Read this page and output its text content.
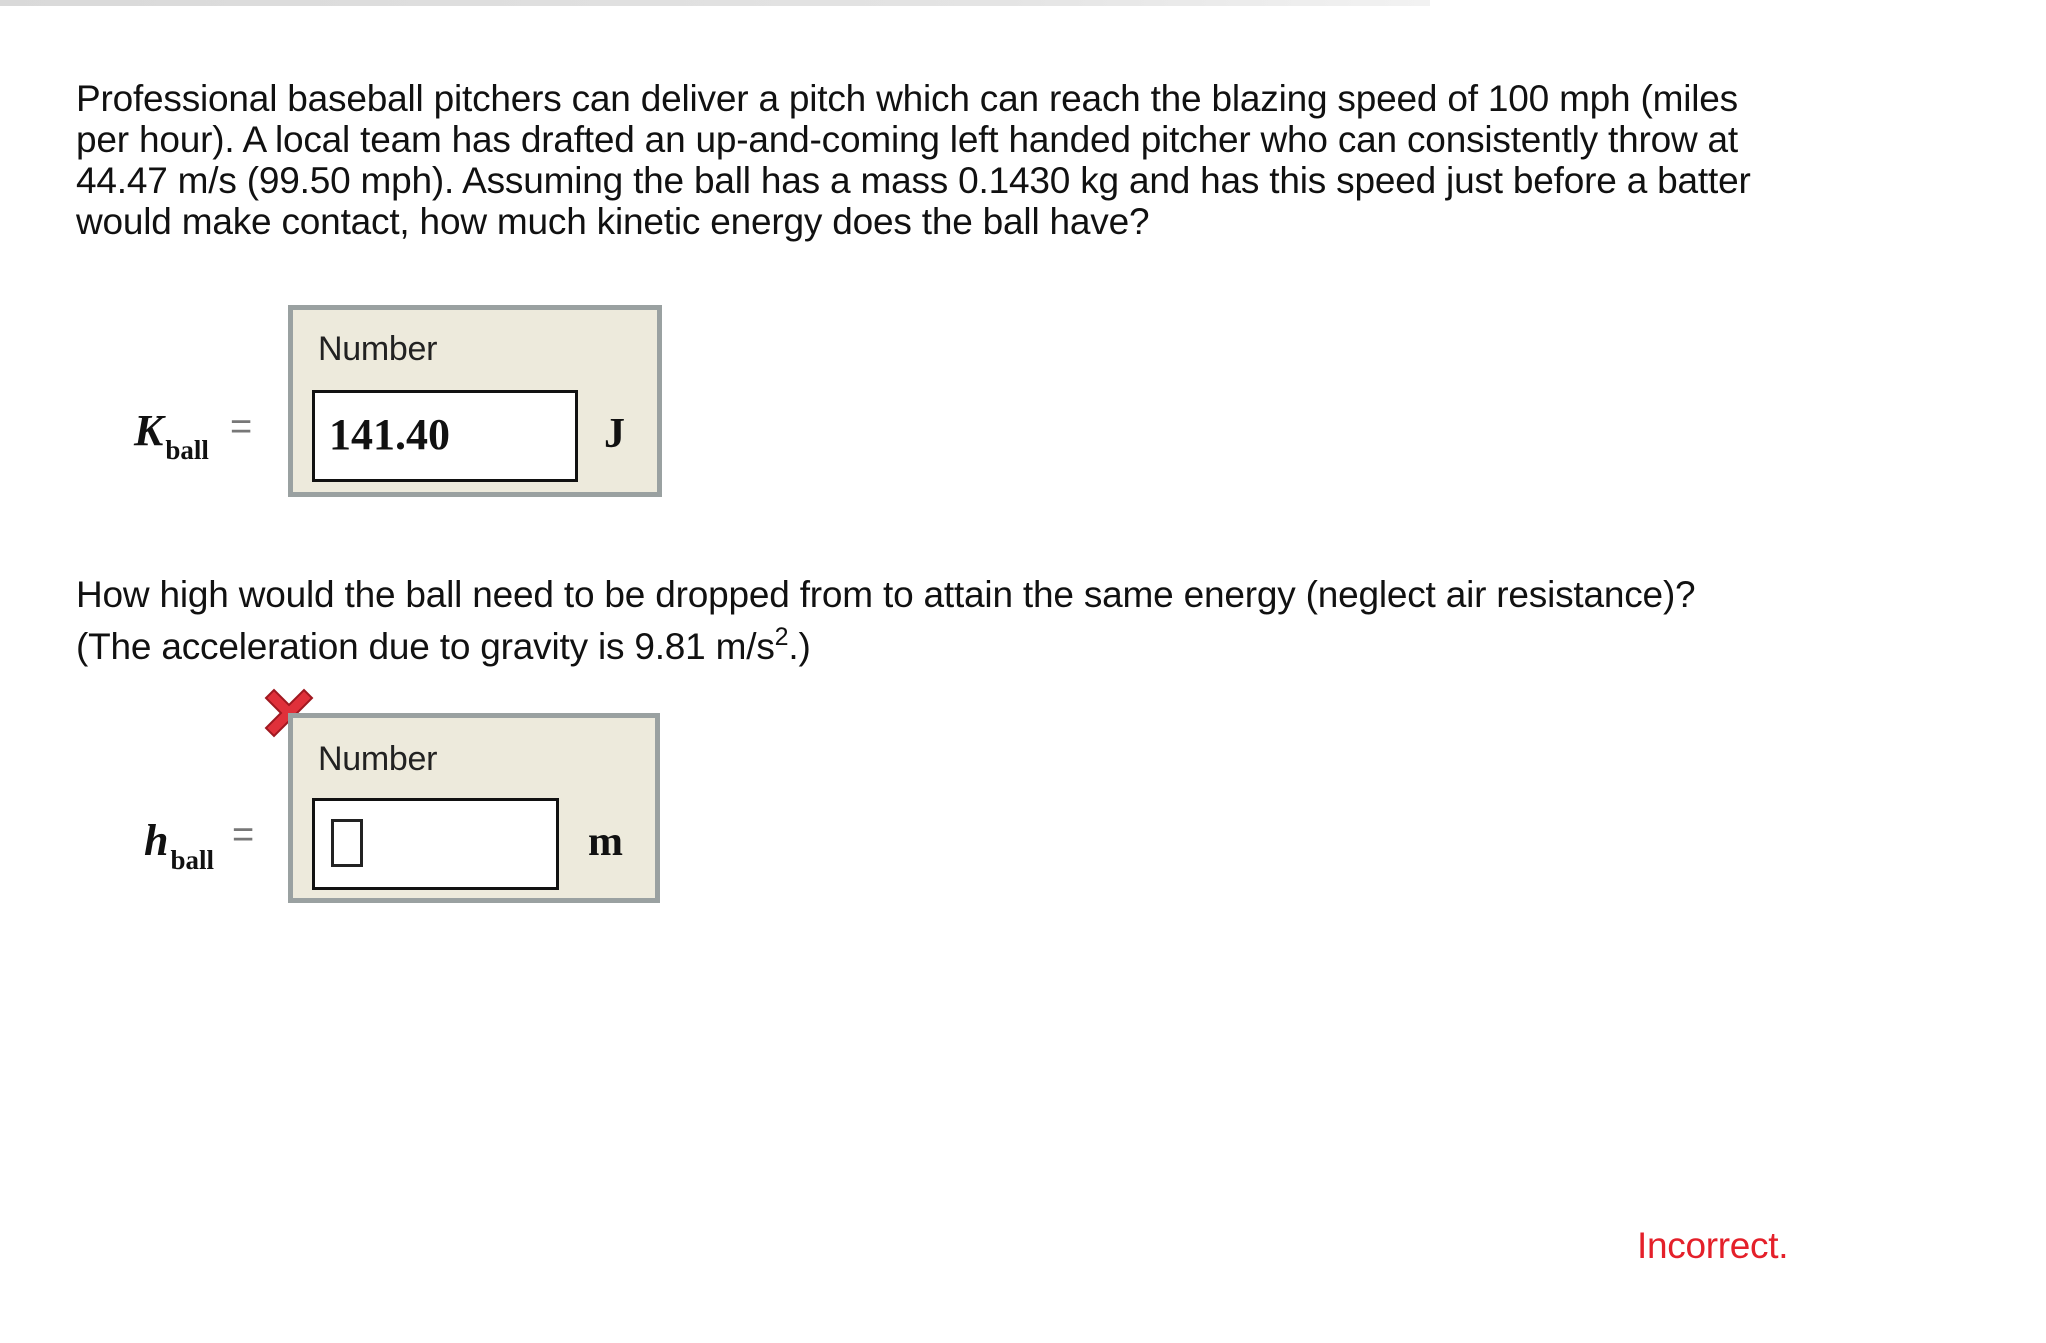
Professional baseball pitchers can deliver a pitch which can reach the blazing speed of 100 mph (miles
per hour). A local team has drafted an up-and-coming left handed pitcher who can consistently throw at
44.47 m/s (99.50 mph). Assuming the ball has a mass 0.1430 kg and has this speed just before a batter
would make contact, how much kinetic energy does the ball have?
$K_{ball}$
=
Number
141.40	J
How high would the ball need to be dropped from to attain the same energy (neglect air resistance)?
(The acceleration due to gravity is 9.81 $m/s^2$.)
$h_{ball}$
=
Number
m
Incorrect.
